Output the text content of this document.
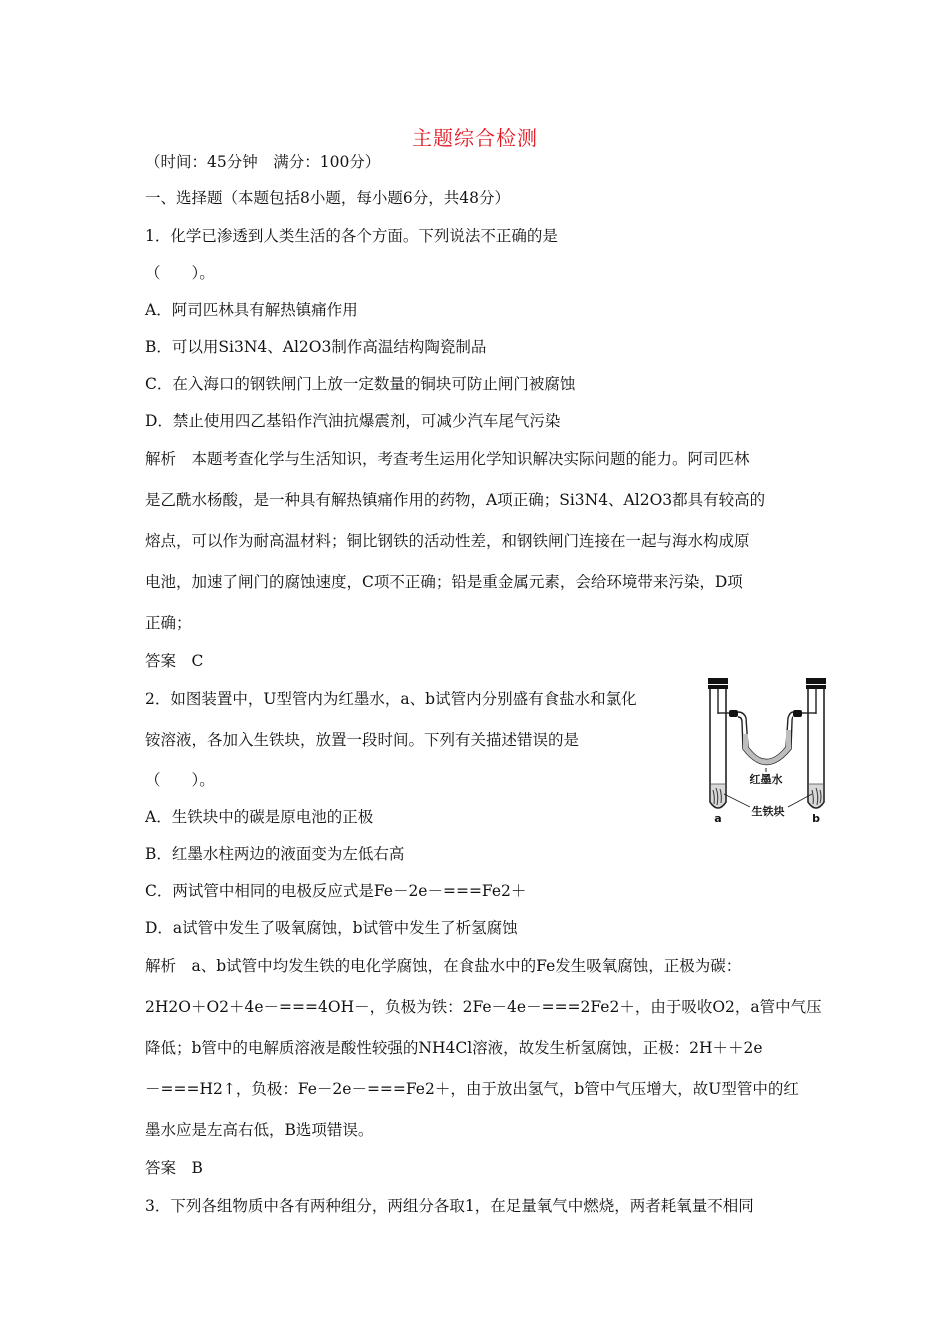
主题综合检测
（时间：45分钟　满分：100分）
一、选择题（本题包括8小题，每小题6分，共48分）
1．化学已渗透到人类生活的各个方面。下列说法不正确的是
（　　）。
A．阿司匹林具有解热镇痛作用
B．可以用Si3N4、Al2O3制作高温结构陶瓷制品
C．在入海口的钢铁闸门上放一定数量的铜块可防止闸门被腐蚀
D．禁止使用四乙基铅作汽油抗爆震剂，可减少汽车尾气污染
解析　本题考查化学与生活知识，考查考生运用化学知识解决实际问题的能力。阿司匹林
是乙酰水杨酸，是一种具有解热镇痛作用的药物，A项正确；Si3N4、Al2O3都具有较高的
熔点，可以作为耐高温材料；铜比钢铁的活动性差，和钢铁闸门连接在一起与海水构成原
电池，加速了闸门的腐蚀速度，C项不正确；铅是重金属元素，会给环境带来污染，D项
正确；
答案　C
2．如图装置中，U型管内为红墨水，a、b试管内分别盛有食盐水和氯化
铵溶液，各加入生铁块，放置一段时间。下列有关描述错误的是
（　　）。
A．生铁块中的碳是原电池的正极
B．红墨水柱两边的液面变为左低右高
C．两试管中相同的电极反应式是Fe－2e－===Fe2＋
D．a试管中发生了吸氧腐蚀，b试管中发生了析氢腐蚀
解析　a、b试管中均发生铁的电化学腐蚀，在食盐水中的Fe发生吸氧腐蚀，正极为碳：
2H2O＋O2＋4e－===4OH－，负极为铁：2Fe－4e－===2Fe2＋，由于吸收O2，a管中气压
降低；b管中的电解质溶液是酸性较强的NH4Cl溶液，故发生析氢腐蚀，正极：2H＋＋2e
－===H2↑，负极：Fe－2e－===Fe2＋，由于放出氢气，b管中气压增大，故U型管中的红
墨水应是左高右低，B选项错误。
答案　B
3．下列各组物质中各有两种组分，两组分各取1，在足量氧气中燃烧，两者耗氧量不相同
红墨水
生铁块
a	b
